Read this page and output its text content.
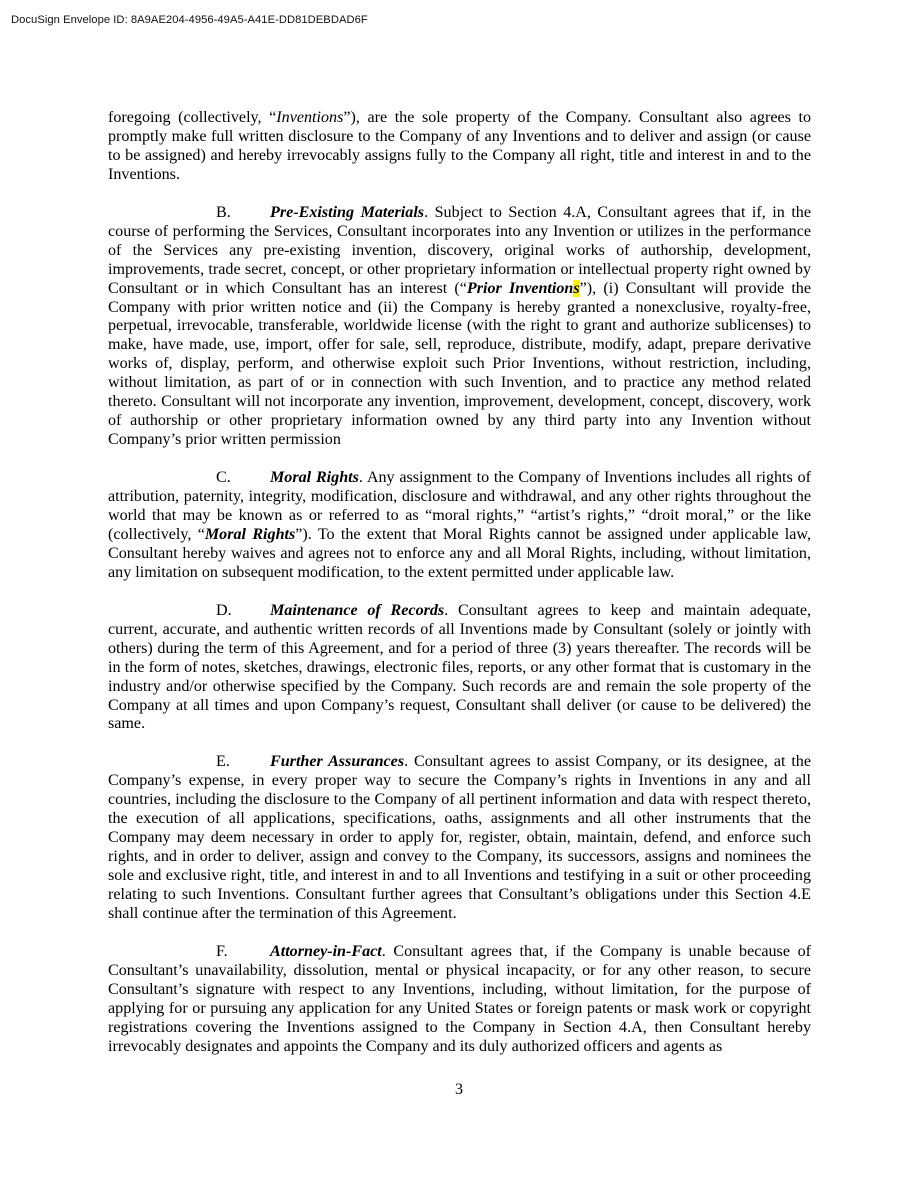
DocuSign Envelope ID: 8A9AE204-4956-49A5-A41E-DD81DEBDAD6F

foregoing (collectively, “Inventions”), are the sole property of the Company. Consultant also agrees to promptly make full written disclosure to the Company of any Inventions and to deliver and assign (or cause to be assigned) and hereby irrevocably assigns fully to the Company all right, title and interest in and to the Inventions.

B. Pre-Existing Materials. Subject to Section 4.A, Consultant agrees that if, in the course of performing the Services, Consultant incorporates into any Invention or utilizes in the performance of the Services any pre-existing invention, discovery, original works of authorship, development, improvements, trade secret, concept, or other proprietary information or intellectual property right owned by Consultant or in which Consultant has an interest (“Prior Inventions”), (i) Consultant will provide the Company with prior written notice and (ii) the Company is hereby granted a nonexclusive, royalty-free, perpetual, irrevocable, transferable, worldwide license (with the right to grant and authorize sublicenses) to make, have made, use, import, offer for sale, sell, reproduce, distribute, modify, adapt, prepare derivative works of, display, perform, and otherwise exploit such Prior Inventions, without restriction, including, without limitation, as part of or in connection with such Invention, and to practice any method related thereto. Consultant will not incorporate any invention, improvement, development, concept, discovery, work of authorship or other proprietary information owned by any third party into any Invention without Company’s prior written permission

C. Moral Rights. Any assignment to the Company of Inventions includes all rights of attribution, paternity, integrity, modification, disclosure and withdrawal, and any other rights throughout the world that may be known as or referred to as “moral rights,” “artist’s rights,” “droit moral,” or the like (collectively, “Moral Rights”). To the extent that Moral Rights cannot be assigned under applicable law, Consultant hereby waives and agrees not to enforce any and all Moral Rights, including, without limitation, any limitation on subsequent modification, to the extent permitted under applicable law.

D. Maintenance of Records. Consultant agrees to keep and maintain adequate, current, accurate, and authentic written records of all Inventions made by Consultant (solely or jointly with others) during the term of this Agreement, and for a period of three (3) years thereafter. The records will be in the form of notes, sketches, drawings, electronic files, reports, or any other format that is customary in the industry and/or otherwise specified by the Company. Such records are and remain the sole property of the Company at all times and upon Company’s request, Consultant shall deliver (or cause to be delivered) the same.

E. Further Assurances. Consultant agrees to assist Company, or its designee, at the Company’s expense, in every proper way to secure the Company’s rights in Inventions in any and all countries, including the disclosure to the Company of all pertinent information and data with respect thereto, the execution of all applications, specifications, oaths, assignments and all other instruments that the Company may deem necessary in order to apply for, register, obtain, maintain, defend, and enforce such rights, and in order to deliver, assign and convey to the Company, its successors, assigns and nominees the sole and exclusive right, title, and interest in and to all Inventions and testifying in a suit or other proceeding relating to such Inventions. Consultant further agrees that Consultant’s obligations under this Section 4.E shall continue after the termination of this Agreement.

F.	Attorney-in-Fact. Consultant agrees that, if the Company is unable because of Consultant’s unavailability, dissolution, mental or physical incapacity, or for any other reason, to secure Consultant’s signature with respect to any Inventions, including, without limitation, for the purpose of applying for or pursuing any application for any United States or foreign patents or mask work or copyright registrations covering the Inventions assigned to the Company in Section 4.A, then Consultant hereby irrevocably designates and appoints the Company and its duly authorized officers and agents as

3
